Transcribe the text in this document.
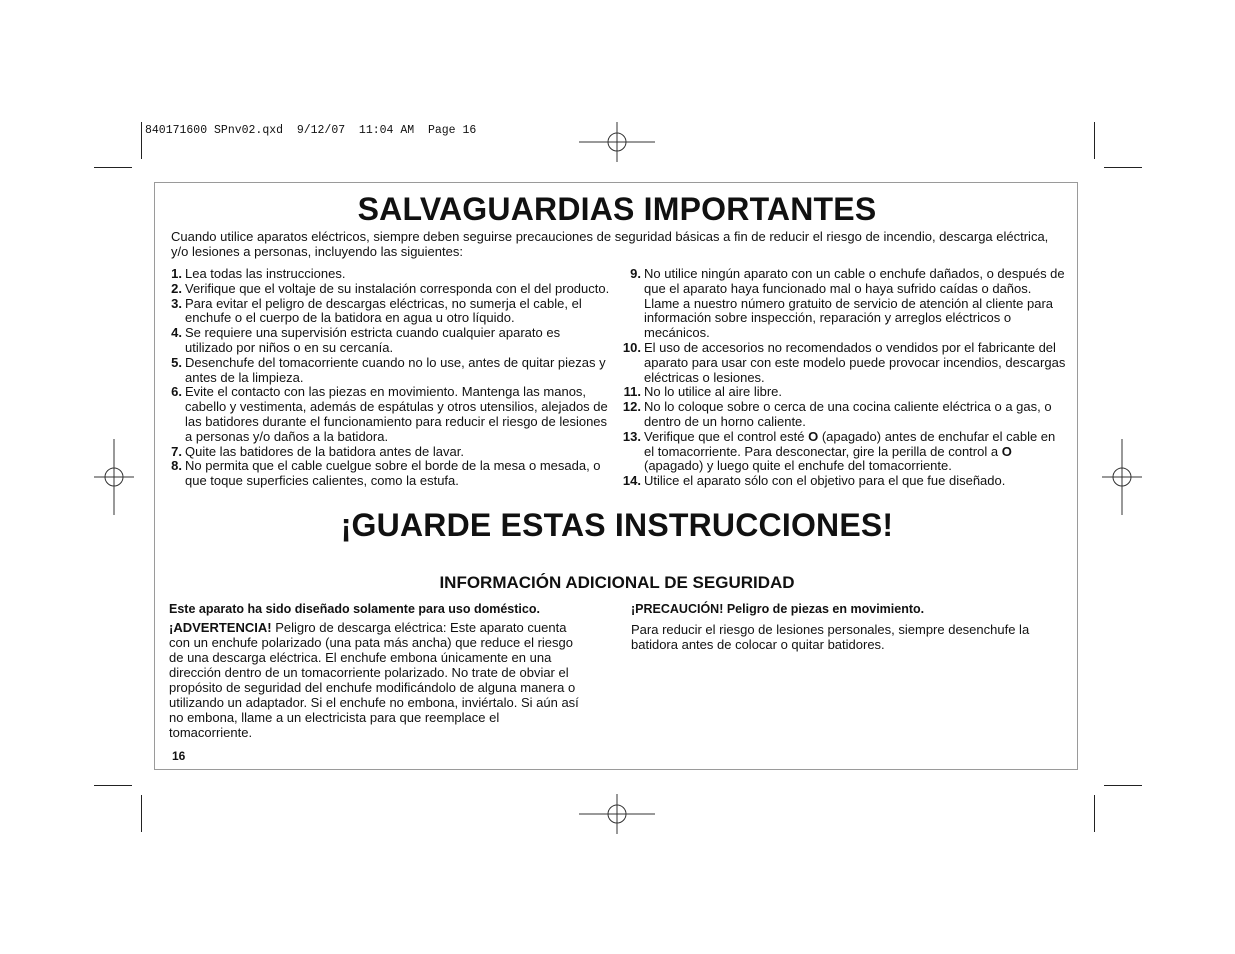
840171600 SPnv02.qxd  9/12/07  11:04 AM  Page 16
SALVAGUARDIAS IMPORTANTES

Cuando utilice aparatos eléctricos, siempre deben seguirse precauciones de seguridad básicas a fin de reducir el riesgo de incendio, descarga eléctrica, y/o lesiones a personas, incluyendo las siguientes:

1. Lea todas las instrucciones.
2. Verifique que el voltaje de su instalación corresponda con el del producto.
3. Para evitar el peligro de descargas eléctricas, no sumerja el cable, el enchufe o el cuerpo de la batidora en agua u otro líquido.
4. Se requiere una supervisión estricta cuando cualquier aparato es utilizado por niños o en su cercanía.
5. Desenchufe del tomacorriente cuando no lo use, antes de quitar piezas y antes de la limpieza.
6. Evite el contacto con las piezas en movimiento. Mantenga las manos, cabello y vestimenta, además de espátulas y otros utensilios, alejados de las batidores durante el funcionamiento para reducir el riesgo de lesiones a personas y/o daños a la batidora.
7. Quite las batidores de la batidora antes de lavar.
8. No permita que el cable cuelgue sobre el borde de la mesa o mesada, o que toque superficies calientes, como la estufa.
9. No utilice ningún aparato con un cable o enchufe dañados, o después de que el aparato haya funcionado mal o haya sufrido caídas o daños. Llame a nuestro número gratuito de servicio de atención al cliente para información sobre inspección, reparación y arreglos eléctricos o mecánicos.
10. El uso de accesorios no recomendados o vendidos por el fabricante del aparato para usar con este modelo puede provocar incendios, descargas eléctricas o lesiones.
11. No lo utilice al aire libre.
12. No lo coloque sobre o cerca de una cocina caliente eléctrica o a gas, o dentro de un horno caliente.
13. Verifique que el control esté O (apagado) antes de enchufar el cable en el tomacorriente. Para desconectar, gire la perilla de control a O (apagado) y luego quite el enchufe del tomacorriente.
14. Utilice el aparato sólo con el objetivo para el que fue diseñado.
¡GUARDE ESTAS INSTRUCCIONES!
INFORMACIÓN ADICIONAL DE SEGURIDAD

Este aparato ha sido diseñado solamente para uso doméstico.

¡ADVERTENCIA! Peligro de descarga eléctrica: Este aparato cuenta con un enchufe polarizado (una pata más ancha) que reduce el riesgo de una descarga eléctrica. El enchufe embona únicamente en una dirección dentro de un tomacorriente polarizado. No trate de obviar el propósito de seguridad del enchufe modificándolo de alguna manera o utilizando un adaptador. Si el enchufe no embona, inviértalo. Si aún así no embona, llame a un electricista para que reemplace el tomacorriente.

¡PRECAUCIÓN! Peligro de piezas en movimiento.

Para reducir el riesgo de lesiones personales, siempre desenchufe la batidora antes de colocar o quitar batidores.

16
